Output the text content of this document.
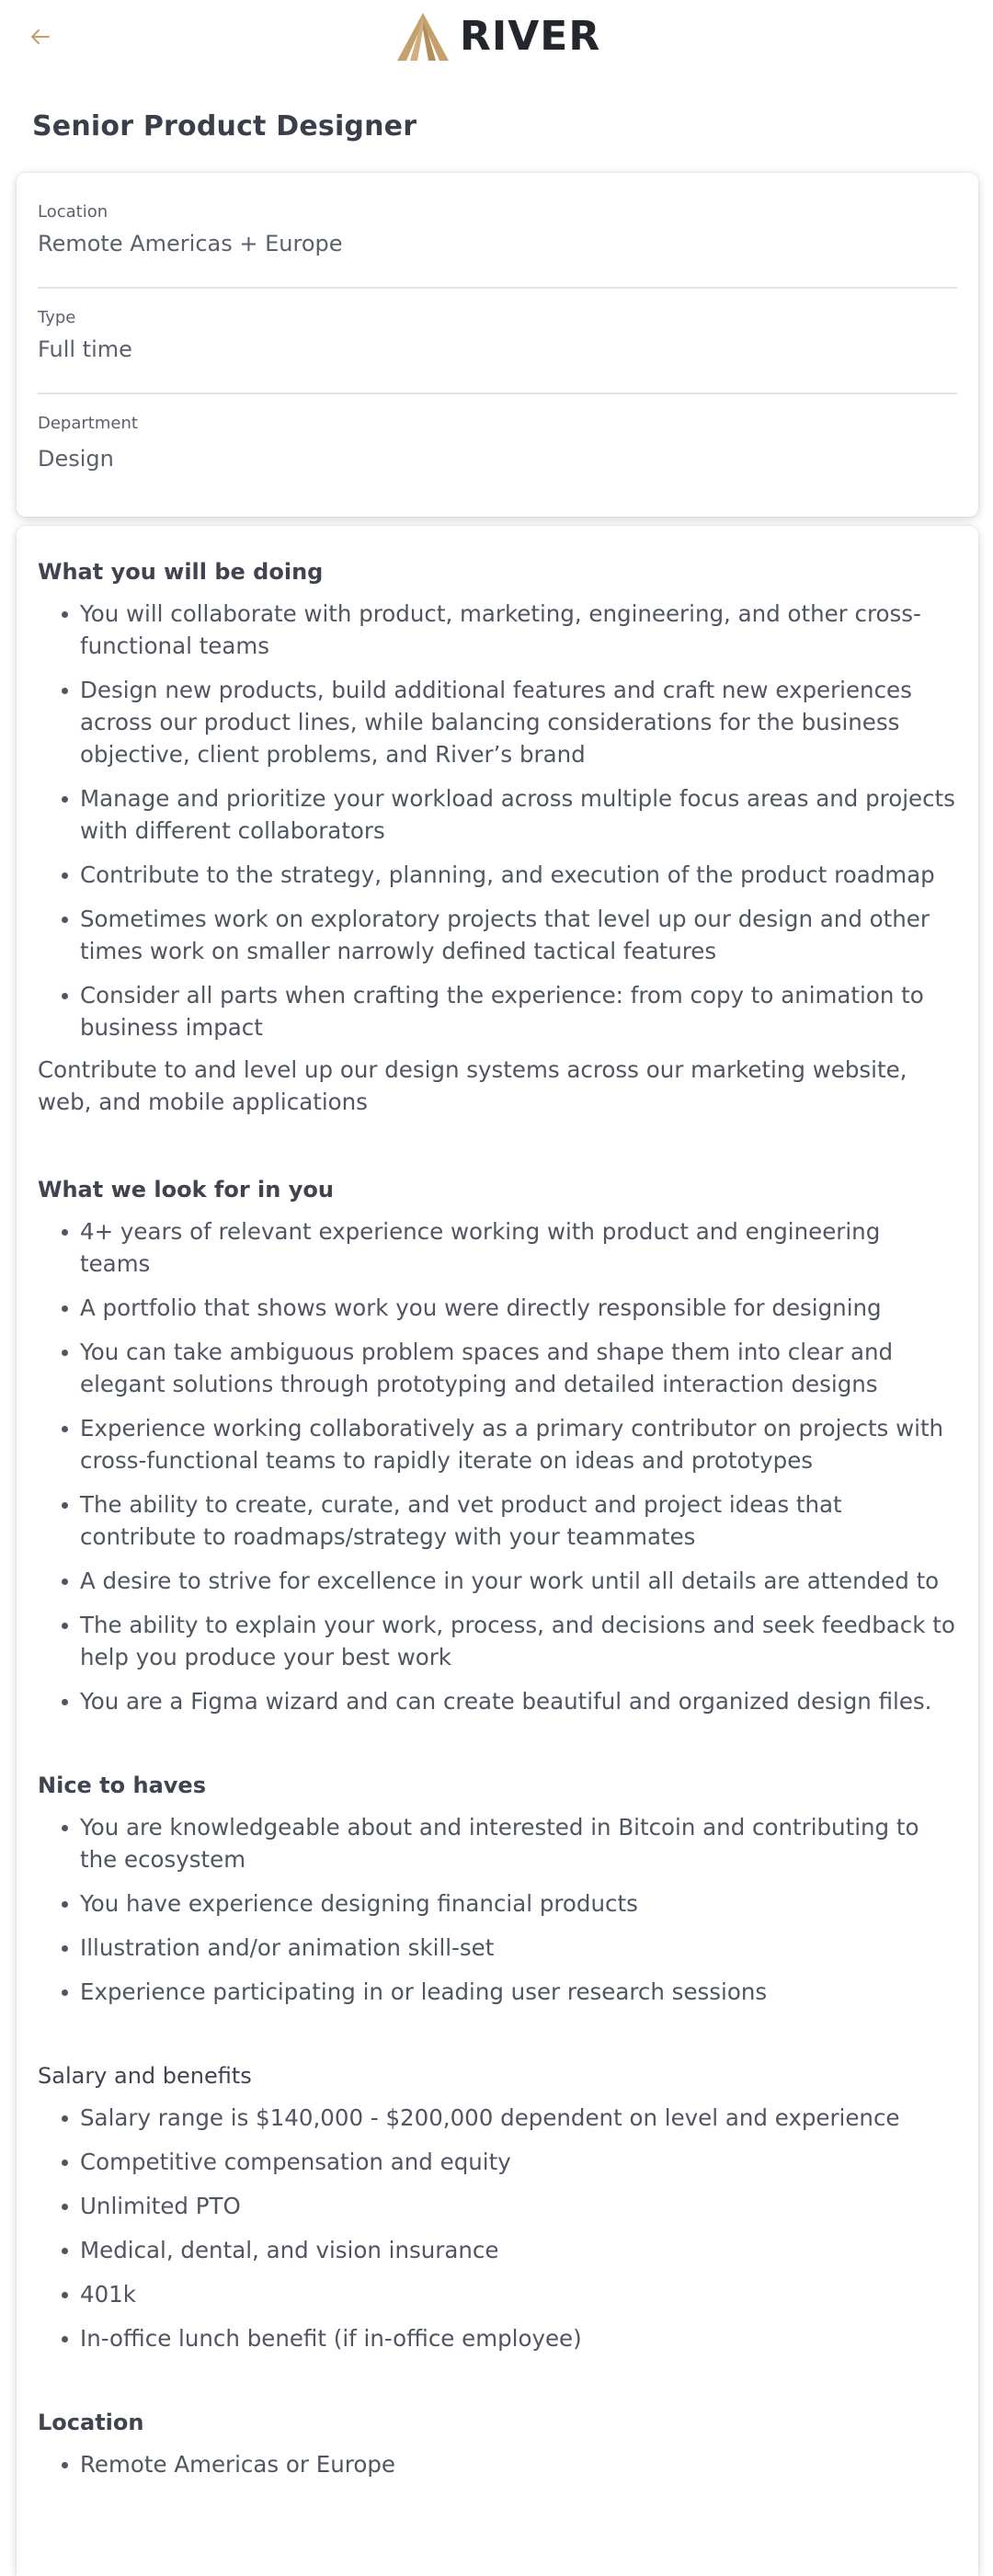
RIVER
Senior Product Designer
Location
Remote Americas + Europe
Type
Full time
Department
Design
What you will be doing
You will collaborate with product, marketing, engineering, and other cross-functional teams
Design new products, build additional features and craft new experiences across our product lines, while balancing considerations for the business objective, client problems, and River’s brand
Manage and prioritize your workload across multiple focus areas and projects with different collaborators
Contribute to the strategy, planning, and execution of the product roadmap
Sometimes work on exploratory projects that level up our design and other times work on smaller narrowly defined tactical features
Consider all parts when crafting the experience: from copy to animation to business impact

Contribute to and level up our design systems across our marketing website, web, and mobile applications

What we look for in you
4+ years of relevant experience working with product and engineering teams
A portfolio that shows work you were directly responsible for designing
You can take ambiguous problem spaces and shape them into clear and elegant solutions through prototyping and detailed interaction designs
Experience working collaboratively as a primary contributor on projects with cross-functional teams to rapidly iterate on ideas and prototypes
The ability to create, curate, and vet product and project ideas that contribute to roadmaps/strategy with your teammates
A desire to strive for excellence in your work until all details are attended to
The ability to explain your work, process, and decisions and seek feedback to help you produce your best work
You are a Figma wizard and can create beautiful and organized design files.
Nice to haves
You are knowledgeable about and interested in Bitcoin and contributing to the ecosystem
You have experience designing financial products
Illustration and/or animation skill-set
Experience participating in or leading user research sessions
Salary and benefits
Salary range is $140,000 - $200,000 dependent on level and experience
Competitive compensation and equity
Unlimited PTO
Medical, dental, and vision insurance
401k
In-office lunch benefit (if in-office employee)
Location
Remote Americas or Europe
